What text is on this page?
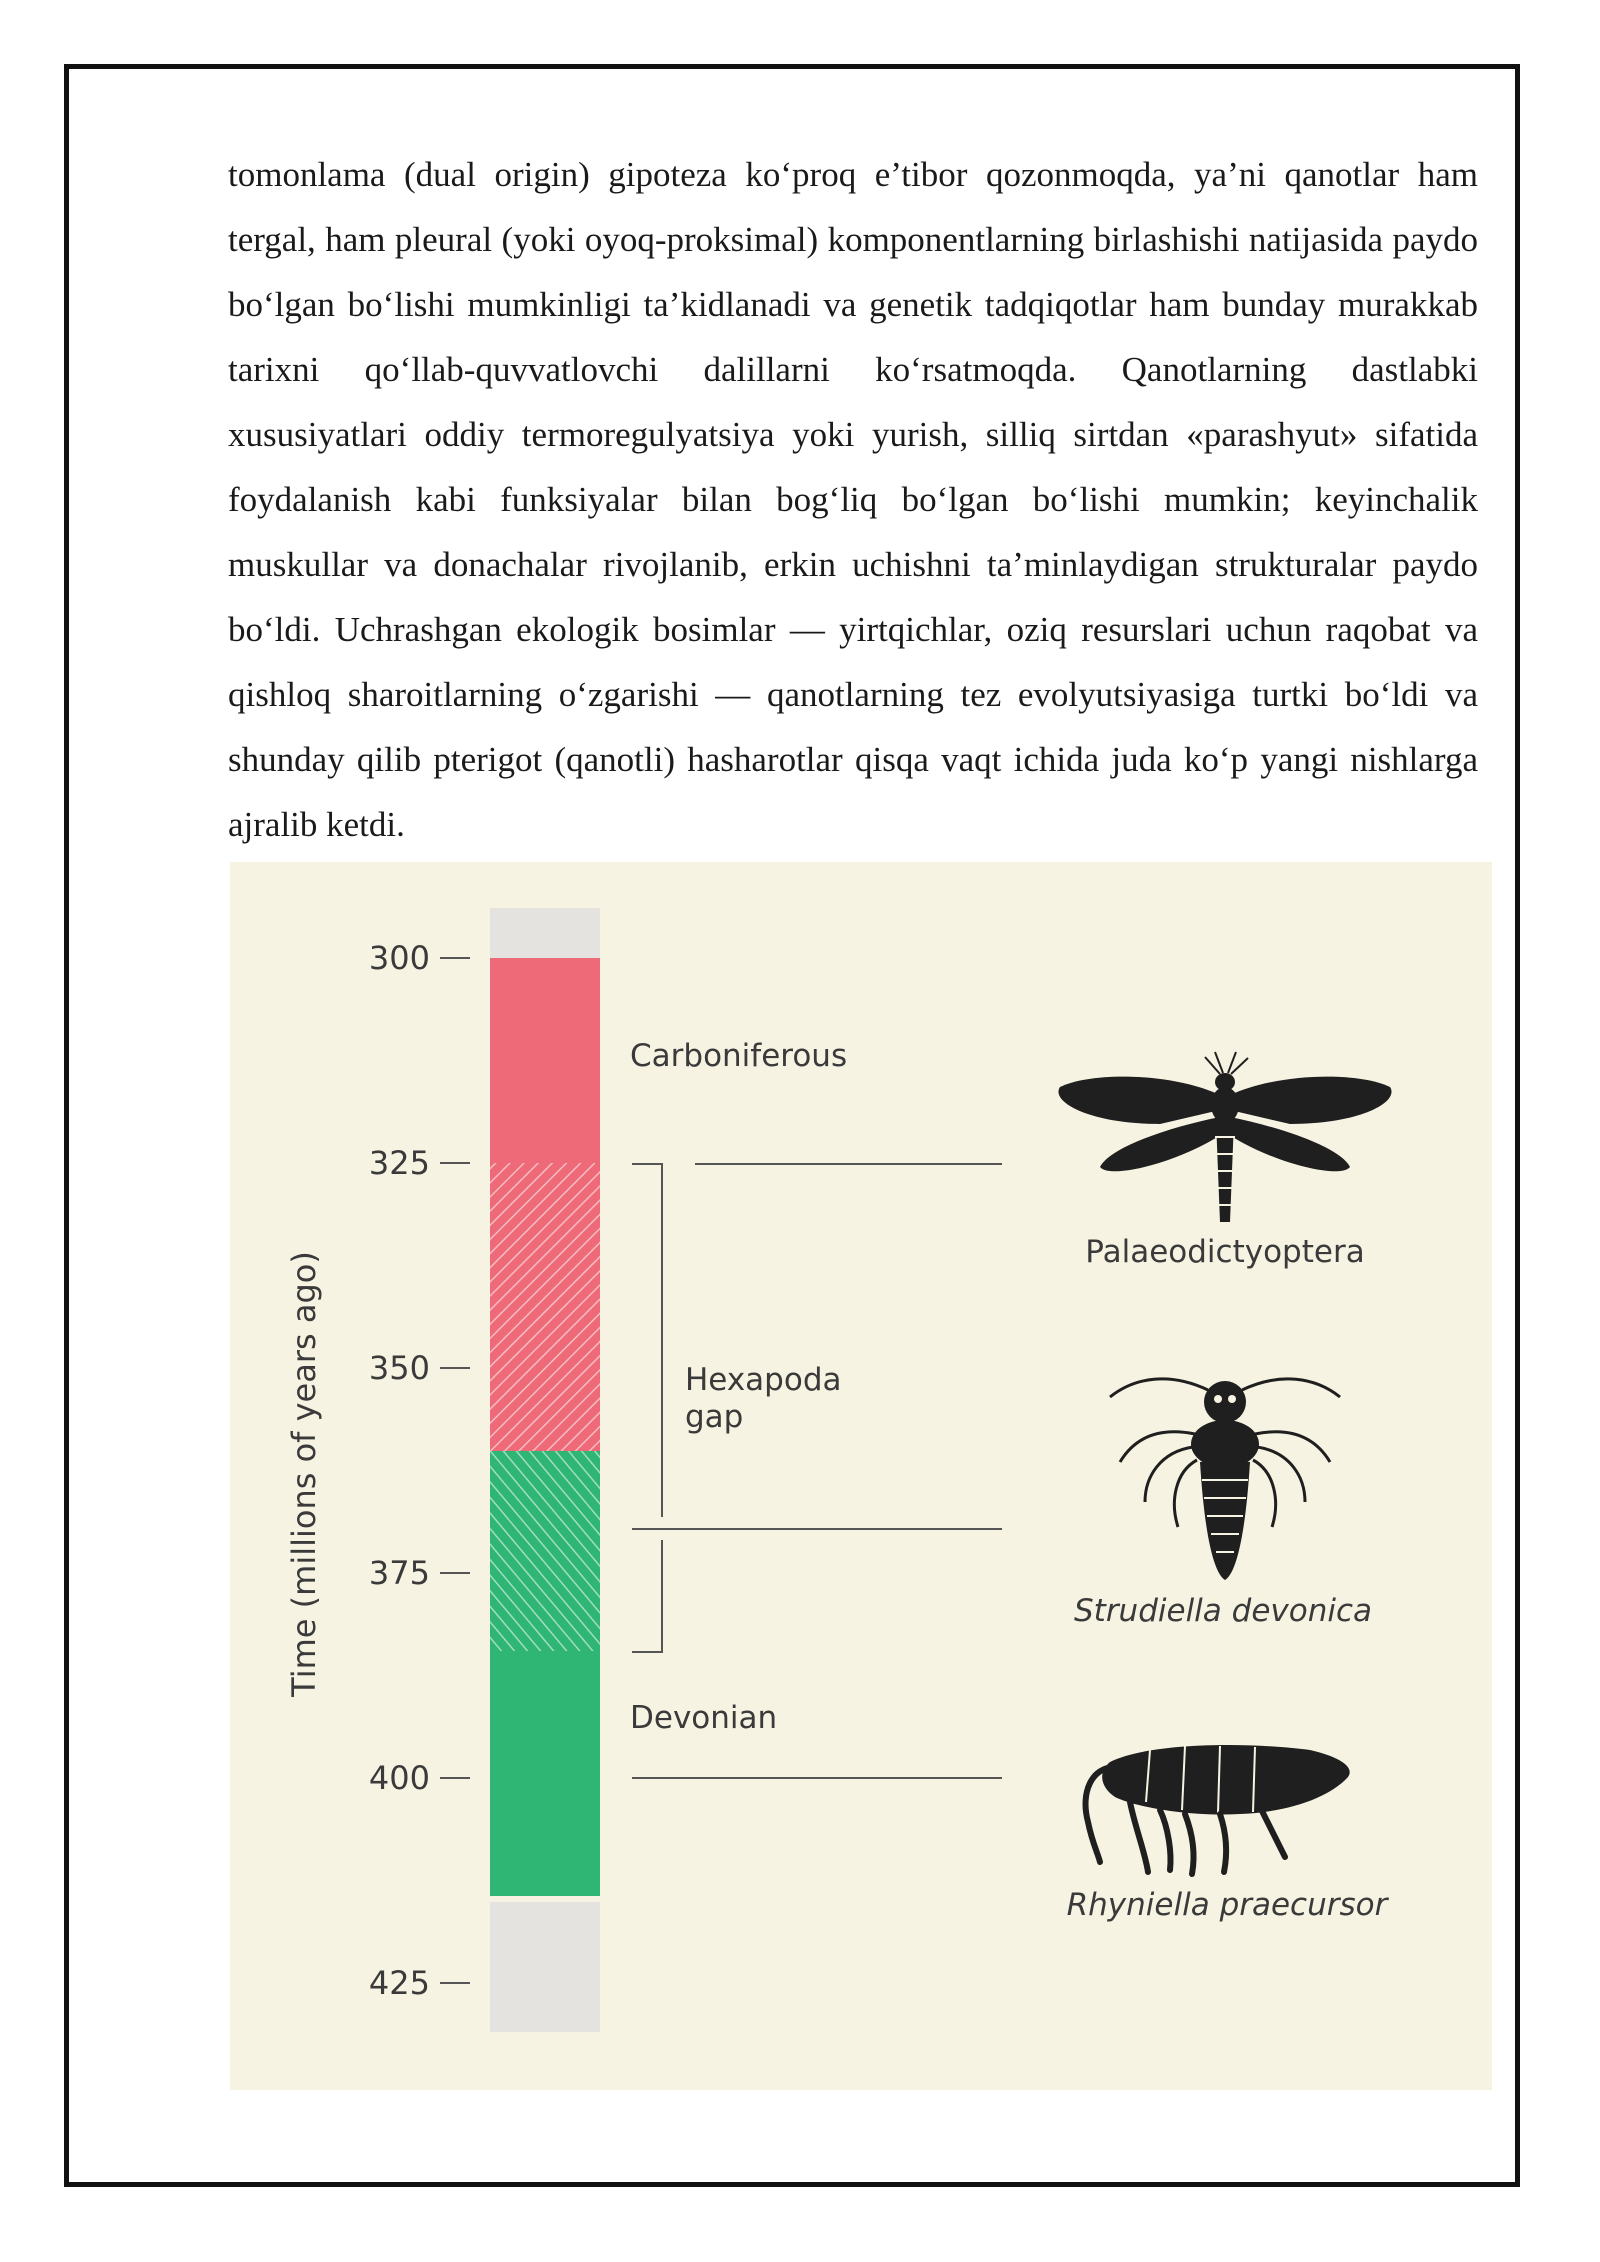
tomonlama (dual origin) gipoteza ko‘proq e’tibor qozonmoqda, ya’ni qanotlar ham tergal, ham pleural (yoki oyoq-proksimal) komponentlarning birlashishi natijasida paydo bo‘lgan bo‘lishi mumkinligi ta’kidlanadi va genetik tadqiqotlar ham bunday murakkab tarixni qo‘llab-quvvatlovchi dalillarni ko‘rsatmoqda. Qanotlarning dastlabki xususiyatlari oddiy termoregulyatsiya yoki yurish, silliq sirtdan «parashyut» sifatida foydalanish kabi funksiyalar bilan bog‘liq bo‘lgan bo‘lishi mumkin; keyinchalik muskullar va donachalar rivojlanib, erkin uchishni ta’minlaydigan strukturalar paydo bo‘ldi. Uchrashgan ekologik bosimlar — yirtqichlar, oziq resurslari uchun raqobat va qishloq sharoitlarning o‘zgarishi — qanotlarning tez evolyutsiyasiga turtki bo‘ldi va shunday qilib pterigot (qanotli) hasharotlar qisqa vaqt ichida juda ko‘p yangi nishlarga ajralib ketdi.

300
325
350
375
400
425
Time (millions of years ago)
Carboniferous
Hexapoda
gap
Devonian
Palaeodictyoptera
Strudiella devonica
Rhyniella praecursor
